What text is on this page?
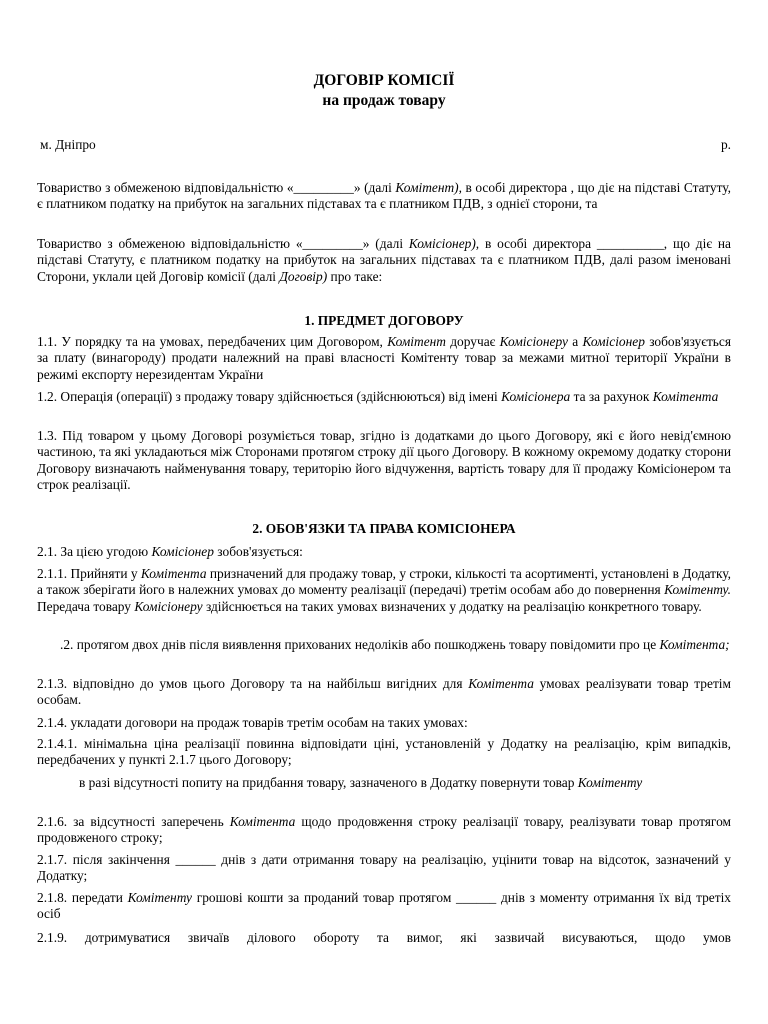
ДОГОВІР КОМІСІЇ
на продаж товару
м. Дніпро	р.
Товариство з обмеженою відповідальністю «_________» (далі Комітент), в особі директора , що діє на підставі Статуту, є платником податку на прибуток на загальних підставах та є платником ПДВ, з однієї сторони, та
Товариство з обмеженою відповідальністю «_________» (далі Комісіонер), в особі директора __________, що діє на підставі Статуту, є платником податку на прибуток на загальних підставах та є платником ПДВ, далі разом іменовані Сторони, уклали цей Договір комісії (далі Договір) про таке:
1. ПРЕДМЕТ ДОГОВОРУ
1.1. У порядку та на умовах, передбачених цим Договором, Комітент доручає Комісіонеру а Комісіонер зобов'язується за плату (винагороду) продати належний на праві власності Комітенту товар за межами митної території України в режимі експорту нерезидентам України
1.2. Операція (операції) з продажу товару здійснюється (здійснюються) від імені Комісіонера та за рахунок Комітента
1.3. Під товаром у цьому Договорі розуміється товар, згідно із додатками до цього Договору, які є його невід'ємною частиною, та які укладаються між Сторонами протягом строку дії цього Договору. В кожному окремому додатку сторони Договору визначають найменування товару, територію його відчуження, вартість товару для її продажу Комісіонером та строк реалізації.
2. ОБОВ'ЯЗКИ ТА ПРАВА КОМІСІОНЕРА
2.1. За цією угодою Комісіонер зобов'язується:
2.1.1. Прийняти у Комітента призначений для продажу товар, у строки, кількості та асортименті, установлені в Додатку, а також зберігати його в належних умовах до моменту реалізації (передачі) третім особам або до повернення Комітенту. Передача товару Комісіонеру здійснюється на таких умовах визначених у додатку на реалізацію конкретного товару.
.2. протягом двох днів після виявлення прихованих недоліків або пошкоджень товару повідомити про це Комітента;
2.1.3. відповідно до умов цього Договору та на найбільш вигідних для Комітента умовах реалізувати товар третім особам.
2.1.4. укладати договори на продаж товарів третім особам на таких умовах:
2.1.4.1. мінімальна ціна реалізації повинна відповідати ціні, установленій у Додатку на реалізацію, крім випадків, передбачених у пункті 2.1.7 цього Договору;
в разі відсутності попиту на придбання товару, зазначеного в Додатку повернути товар Комітенту
2.1.6. за відсутності заперечень Комітента щодо продовження строку реалізації товару, реалізувати товар протягом продовженого строку;
2.1.7. після закінчення ______ днів з дати отримання товару на реалізацію, уцінити товар на відсоток, зазначений у Додатку;
2.1.8. передати Комітенту грошові кошти за проданий товар протягом ______ днів з моменту отримання їх від третіх осіб
2.1.9. дотримуватися звичаїв ділового обороту та вимог, які зазвичай висуваються, щодо умов
